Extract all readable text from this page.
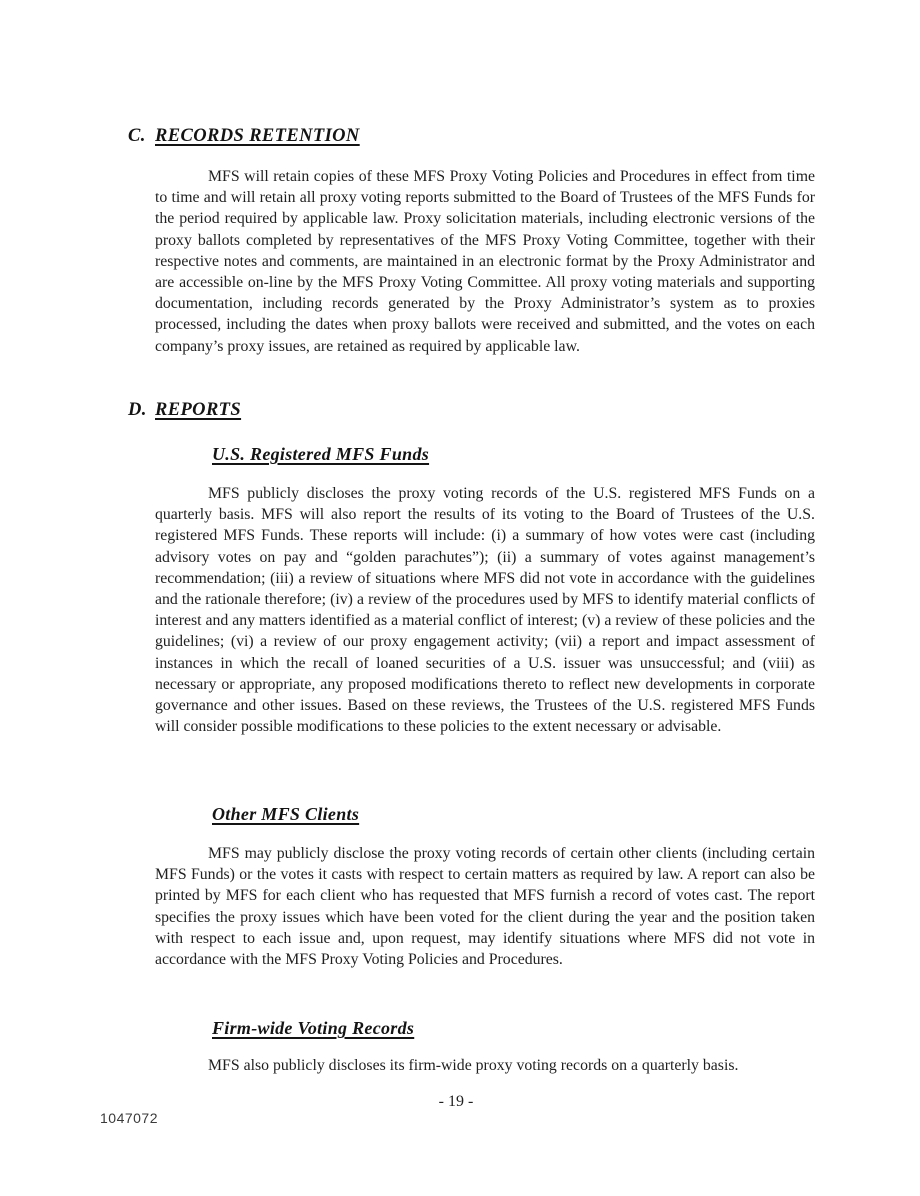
C. RECORDS RETENTION

MFS will retain copies of these MFS Proxy Voting Policies and Procedures in effect from time to time and will retain all proxy voting reports submitted to the Board of Trustees of the MFS Funds for the period required by applicable law. Proxy solicitation materials, including electronic versions of the proxy ballots completed by representatives of the MFS Proxy Voting Committee, together with their respective notes and comments, are maintained in an electronic format by the Proxy Administrator and are accessible on-line by the MFS Proxy Voting Committee. All proxy voting materials and supporting documentation, including records generated by the Proxy Administrator’s system as to proxies processed, including the dates when proxy ballots were received and submitted, and the votes on each company’s proxy issues, are retained as required by applicable law.

D. REPORTS
U.S. Registered MFS Funds

MFS publicly discloses the proxy voting records of the U.S. registered MFS Funds on a quarterly basis. MFS will also report the results of its voting to the Board of Trustees of the U.S. registered MFS Funds. These reports will include: (i) a summary of how votes were cast (including advisory votes on pay and “golden parachutes”); (ii) a summary of votes against management’s recommendation; (iii) a review of situations where MFS did not vote in accordance with the guidelines and the rationale therefore; (iv) a review of the procedures used by MFS to identify material conflicts of interest and any matters identified as a material conflict of interest; (v) a review of these policies and the guidelines; (vi) a review of our proxy engagement activity; (vii) a report and impact assessment of instances in which the recall of loaned securities of a U.S. issuer was unsuccessful; and (viii) as necessary or appropriate, any proposed modifications thereto to reflect new developments in corporate governance and other issues. Based on these reviews, the Trustees of the U.S. registered MFS Funds will consider possible modifications to these policies to the extent necessary or advisable.

Other MFS Clients

MFS may publicly disclose the proxy voting records of certain other clients (including certain MFS Funds) or the votes it casts with respect to certain matters as required by law. A report can also be printed by MFS for each client who has requested that MFS furnish a record of votes cast. The report specifies the proxy issues which have been voted for the client during the year and the position taken with respect to each issue and, upon request, may identify situations where MFS did not vote in accordance with the MFS Proxy Voting Policies and Procedures.

Firm-wide Voting Records

MFS also publicly discloses its firm-wide proxy voting records on a quarterly basis.

- 19 -
1047072
